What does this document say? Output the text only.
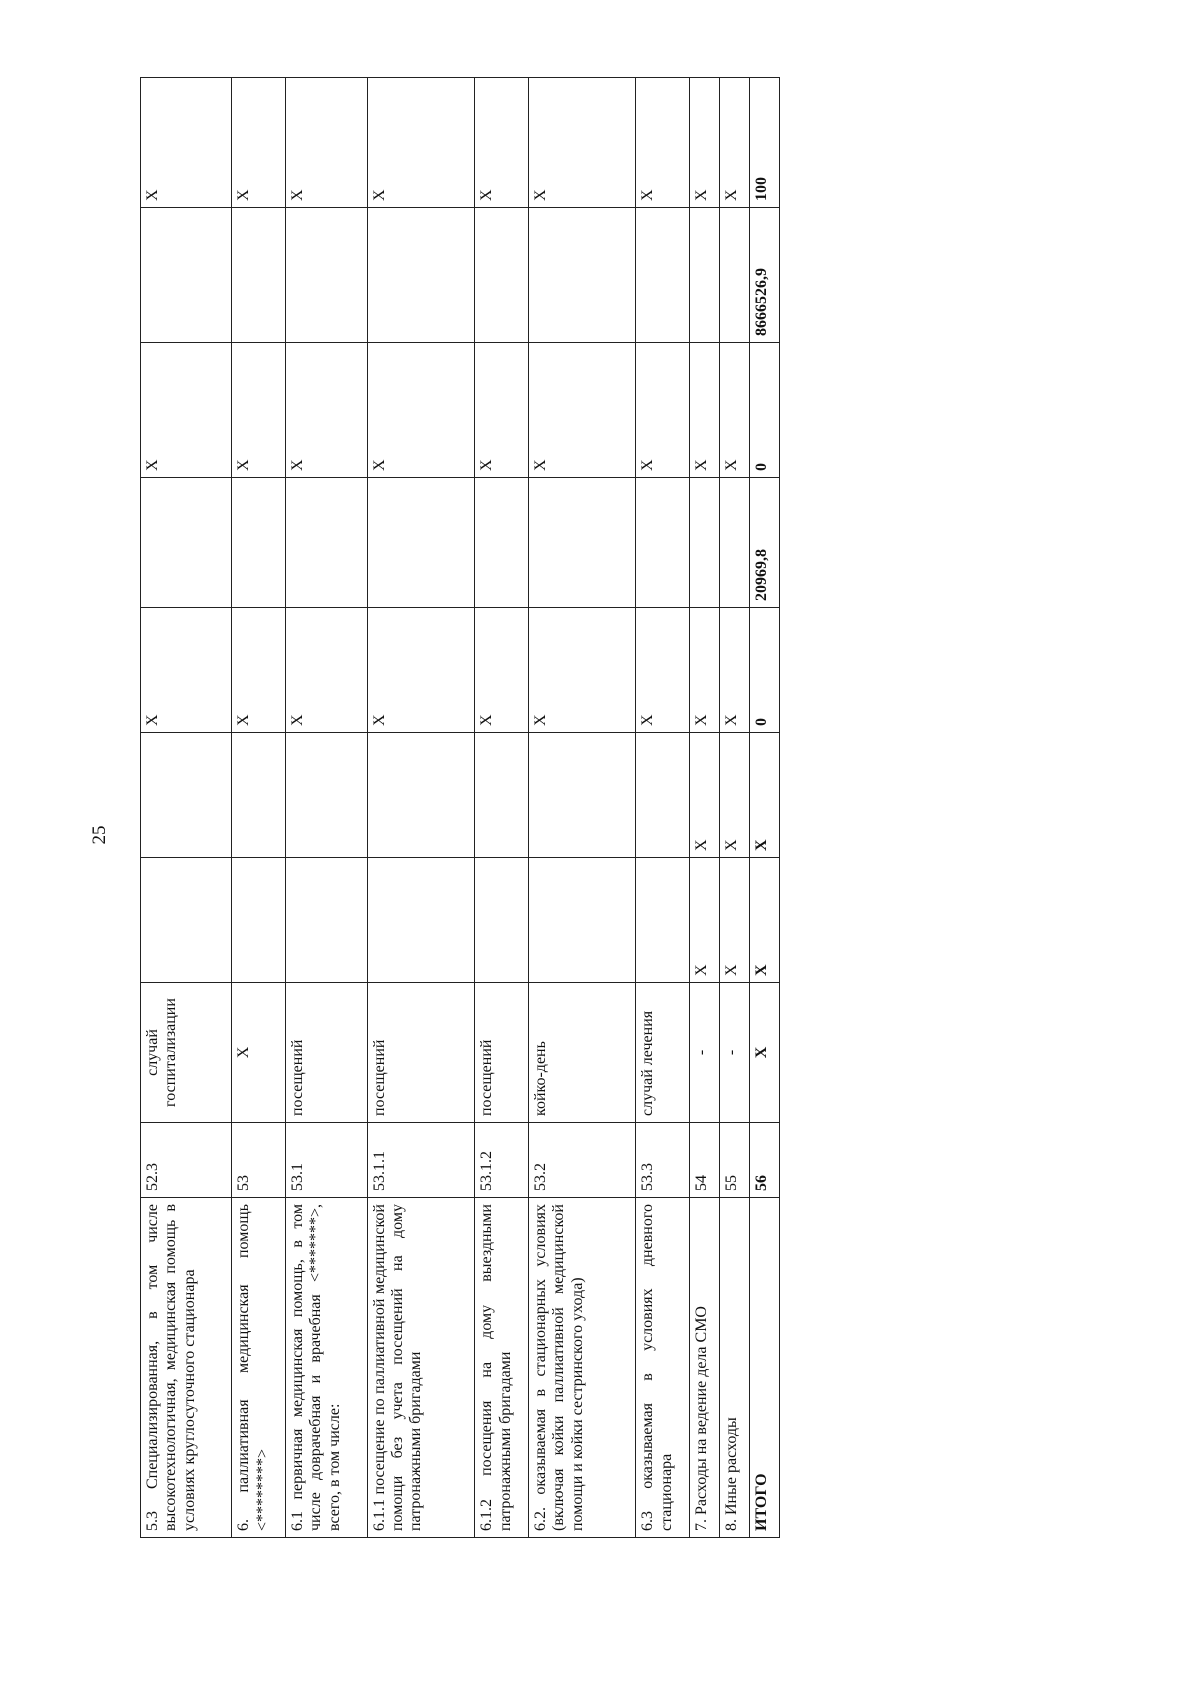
25
5.3 Специализированная, в том числе высокотехнологичная, медицинская помощь в условиях круглосуточного стационара	52.3	случай госпитализации			X		X		X
6. паллиативная медицинская помощь <********>	53	X			X		X		X
6.1 первичная медицинская помощь, в том числе доврачебная и врачебная <*******>, всего, в том числе:	53.1	посещений			X		X		X
6.1.1 посещение по паллиативной медицинской помощи без учета посещений на дому патронажными бригадами	53.1.1	посещений			X		X		X
6.1.2 посещения на дому выездными патронажными бригадами	53.1.2	посещений			X		X		X
6.2. оказываемая в стационарных условиях (включая койки паллиативной медицинской помощи и койки сестринского ухода)	53.2	койко-день			X		X		X
6.3 оказываемая в условиях дневного стационара	53.3	случай лечения			X		X		X
7. Расходы на ведение дела СМО	54	-	X	X	X		X		X
8. Иные расходы	55	-	X	X	X		X		X
ИТОГО	56	X	X	X	0	20969,8	0	8666526,9	100
